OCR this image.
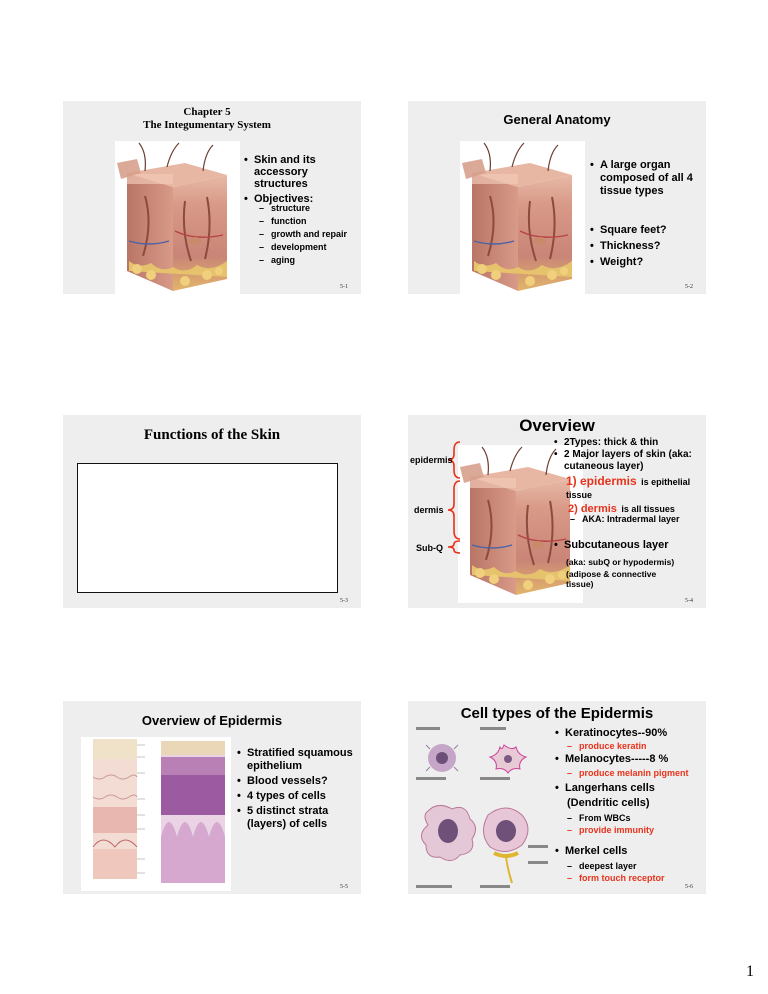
Chapter 5
The Integumentary System
• Skin and its accessory structures
• Objectives:
– structure
– function
– growth and repair
– development
– aging
5-1
General Anatomy
• A large organ composed of all 4 tissue types
• Square feet?
• Thickness?
• Weight?
5-2
Functions of the Skin
5-3
Overview
epidermis
dermis
Sub-Q
• 2Types: thick & thin
• 2 Major layers of skin (aka: cutaneous layer)
1) epidermis is epithelial tissue
2) dermis is all tissues
– AKA: Intradermal layer
• Subcutaneous layer
(aka: subQ or hypodermis)
(adipose & connective tissue)
5-4
Overview of Epidermis
• Stratified squamous epithelium
• Blood vessels?
• 4 types of cells
• 5 distinct strata (layers) of cells
5-5
Cell types of the Epidermis
• Keratinocytes--90%
– produce keratin
• Melanocytes-----8 %
– produce melanin pigment
• Langerhans cells
(Dendritic cells)
– From WBCs
– provide immunity
• Merkel cells
– deepest layer
– form touch receptor
5-6
1
